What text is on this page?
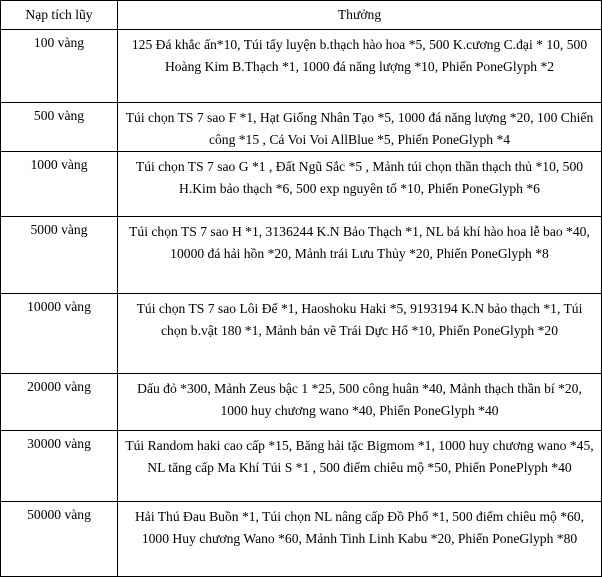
Nạp tích lũy	Thưởng
100 vàng	125 Đá khắc ấn*10, Túi tẩy luyện b.thạch hào hoa *5, 500 K.cương C.đại * 10, 500 Hoàng Kim B.Thạch *1, 1000 đá năng lượng *10, Phiến PoneGlyph *2
500 vàng	Túi chọn TS 7 sao F *1, Hạt Giống Nhân Tạo *5, 1000 đá năng lượng *20, 100 Chiến công *15 , Cá Voi Voi AllBlue *5, Phiến PoneGlyph *4
1000 vàng	Túi chọn TS 7 sao G *1 , Đất Ngũ Sắc *5 , Mảnh túi chọn thần thạch thủ *10, 500 H.Kim bảo thạch *6, 500 exp nguyên tố *10, Phiến PoneGlyph *6
5000 vàng	Túi chọn TS 7 sao H *1, 3136244 K.N Bảo Thạch *1, NL bá khí hào hoa lễ bao *40, 10000 đá hải hồn *20, Mảnh trái Lưu Thủy *20, Phiến PoneGlyph *8
10000 vàng	Túi chọn TS 7 sao Lôi Đế *1, Haoshoku Haki *5, 9193194 K.N bảo thạch *1, Túi chọn b.vật 180 *1, Mảnh bản vẽ Trái Dực Hổ *10, Phiến PoneGlyph *20
20000 vàng	Dấu đỏ *300, Mảnh Zeus bậc 1 *25, 500 công huân *40, Mảnh thạch thần bí *20, 1000 huy chương wano *40, Phiến PoneGlyph *40
30000 vàng	Túi Random haki cao cấp *15, Băng hải tặc Bigmom *1, 1000 huy chương wano *45, NL tăng cấp Ma Khí Túi S *1 , 500 điểm chiêu mộ *50, Phiến PonePlyph *40
50000 vàng	Hải Thú Đau Buồn *1, Túi chọn NL nâng cấp Đồ Phổ *1, 500 điểm chiêu mộ *60, 1000 Huy chương Wano *60, Mảnh Tinh Linh Kabu *20, Phiến PoneGlyph *80
